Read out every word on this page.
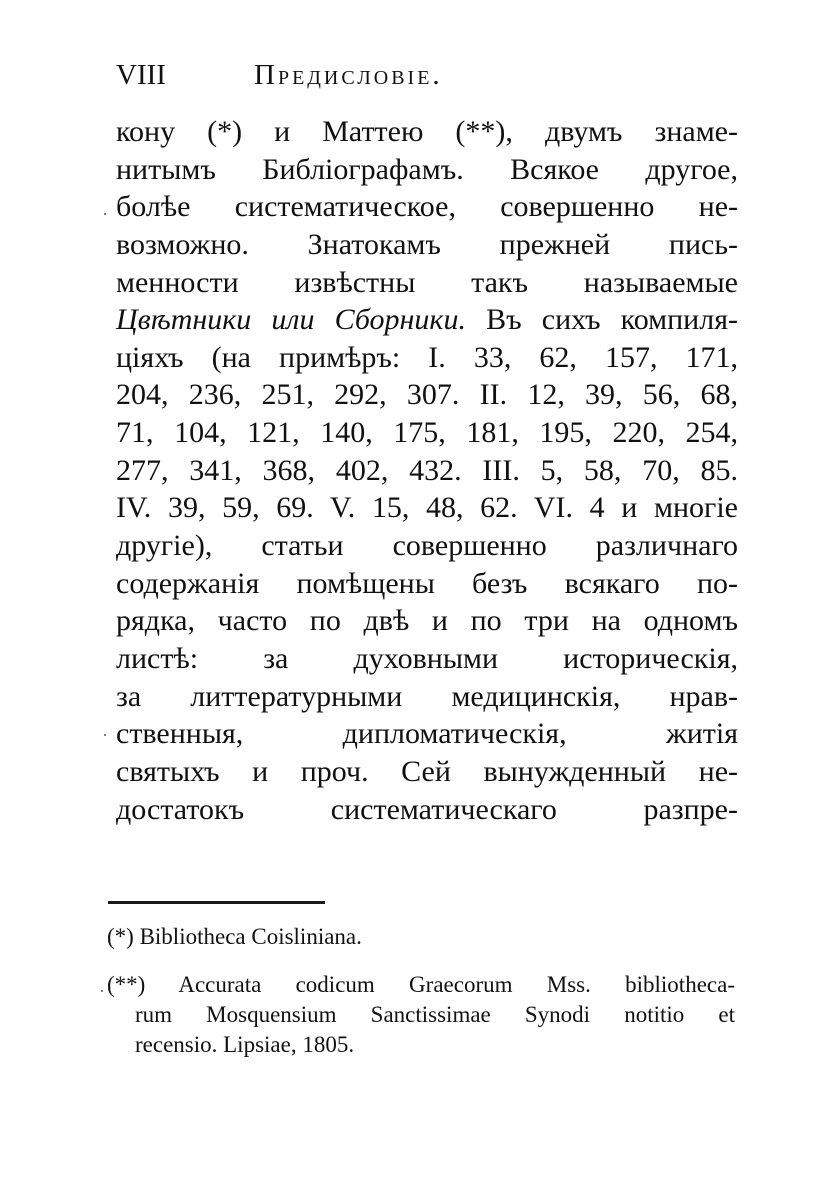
VIII	Предисловіе.
кону (*) и Маттею (**), двумъ знаме-
нитымъ Библіографамъ. Всякое другое,
болѣе систематическое, совершенно не-
возможно. Знатокамъ прежней пись-
менности извѣстны такъ называемые
Цвѣтники или Сборники. Въ сихъ компиля-
ціяхъ (на примѣръ: I. 33, 62, 157, 171,
204, 236, 251, 292, 307. II. 12, 39, 56, 68,
71, 104, 121, 140, 175, 181, 195, 220, 254,
277, 341, 368, 402, 432. III. 5, 58, 70, 85.
IV. 39, 59, 69. V. 15, 48, 62. VI. 4 и многіе
другіе), статьи совершенно различнаго
содержанія помѣщены безъ всякаго по-
рядка, часто по двѣ и по три на одномъ
листѣ: за духовными историческія,
за литтературными медицинскія, нрав-
ственныя, дипломатическія, житія
святыхъ и проч. Сей вынужденный не-
достатокъ систематическаго разпре-
(*) Bibliotheca Coisliniana.
(**) Accurata codicum Graecorum Mss. bibliotheca-
rum Mosquensium Sanctissimae Synodi notitio et
recensio. Lipsiae, 1805.
